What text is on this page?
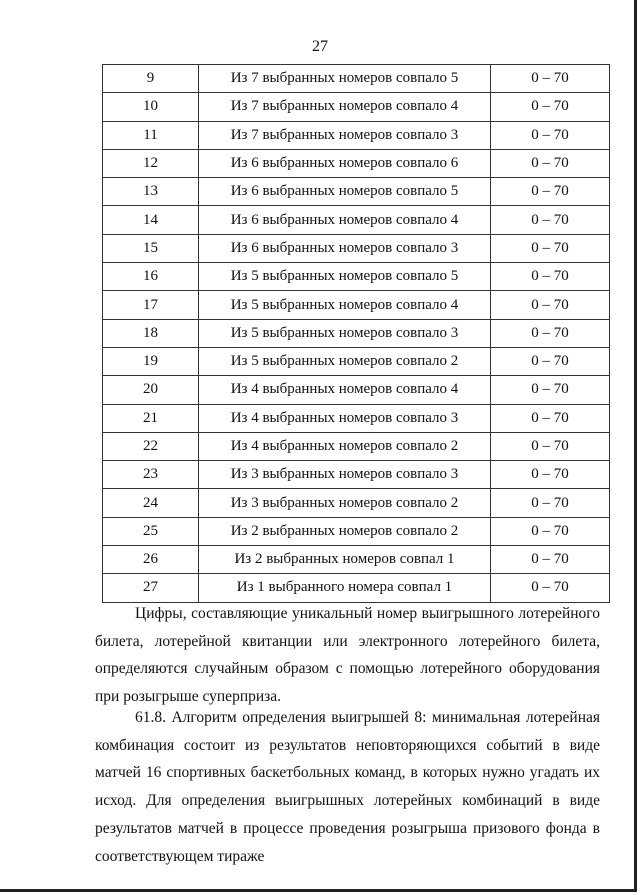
27
9	Из 7 выбранных номеров совпало 5	0 – 70
10	Из 7 выбранных номеров совпало 4	0 – 70
11	Из 7 выбранных номеров совпало 3	0 – 70
12	Из 6 выбранных номеров совпало 6	0 – 70
13	Из 6 выбранных номеров совпало 5	0 – 70
14	Из 6 выбранных номеров совпало 4	0 – 70
15	Из 6 выбранных номеров совпало 3	0 – 70
16	Из 5 выбранных номеров совпало 5	0 – 70
17	Из 5 выбранных номеров совпало 4	0 – 70
18	Из 5 выбранных номеров совпало 3	0 – 70
19	Из 5 выбранных номеров совпало 2	0 – 70
20	Из 4 выбранных номеров совпало 4	0 – 70
21	Из 4 выбранных номеров совпало 3	0 – 70
22	Из 4 выбранных номеров совпало 2	0 – 70
23	Из 3 выбранных номеров совпало 3	0 – 70
24	Из 3 выбранных номеров совпало 2	0 – 70
25	Из 2 выбранных номеров совпало 2	0 – 70
26	Из 2 выбранных номеров совпал 1	0 – 70
27	Из 1 выбранного номера совпал 1	0 – 70
Цифры, составляющие уникальный номер выигрышного лотерейного билета, лотерейной квитанции или электронного лотерейного билета, определяются случайным образом с помощью лотерейного оборудования при розыгрыше суперприза.
61.8. Алгоритм определения выигрышей 8: минимальная лотерейная комбинация состоит из результатов неповторяющихся событий в виде матчей 16 спортивных баскетбольных команд, в которых нужно угадать их исход. Для определения выигрышных лотерейных комбинаций в виде результатов матчей в процессе проведения розыгрыша призового фонда в соответствующем тираже
